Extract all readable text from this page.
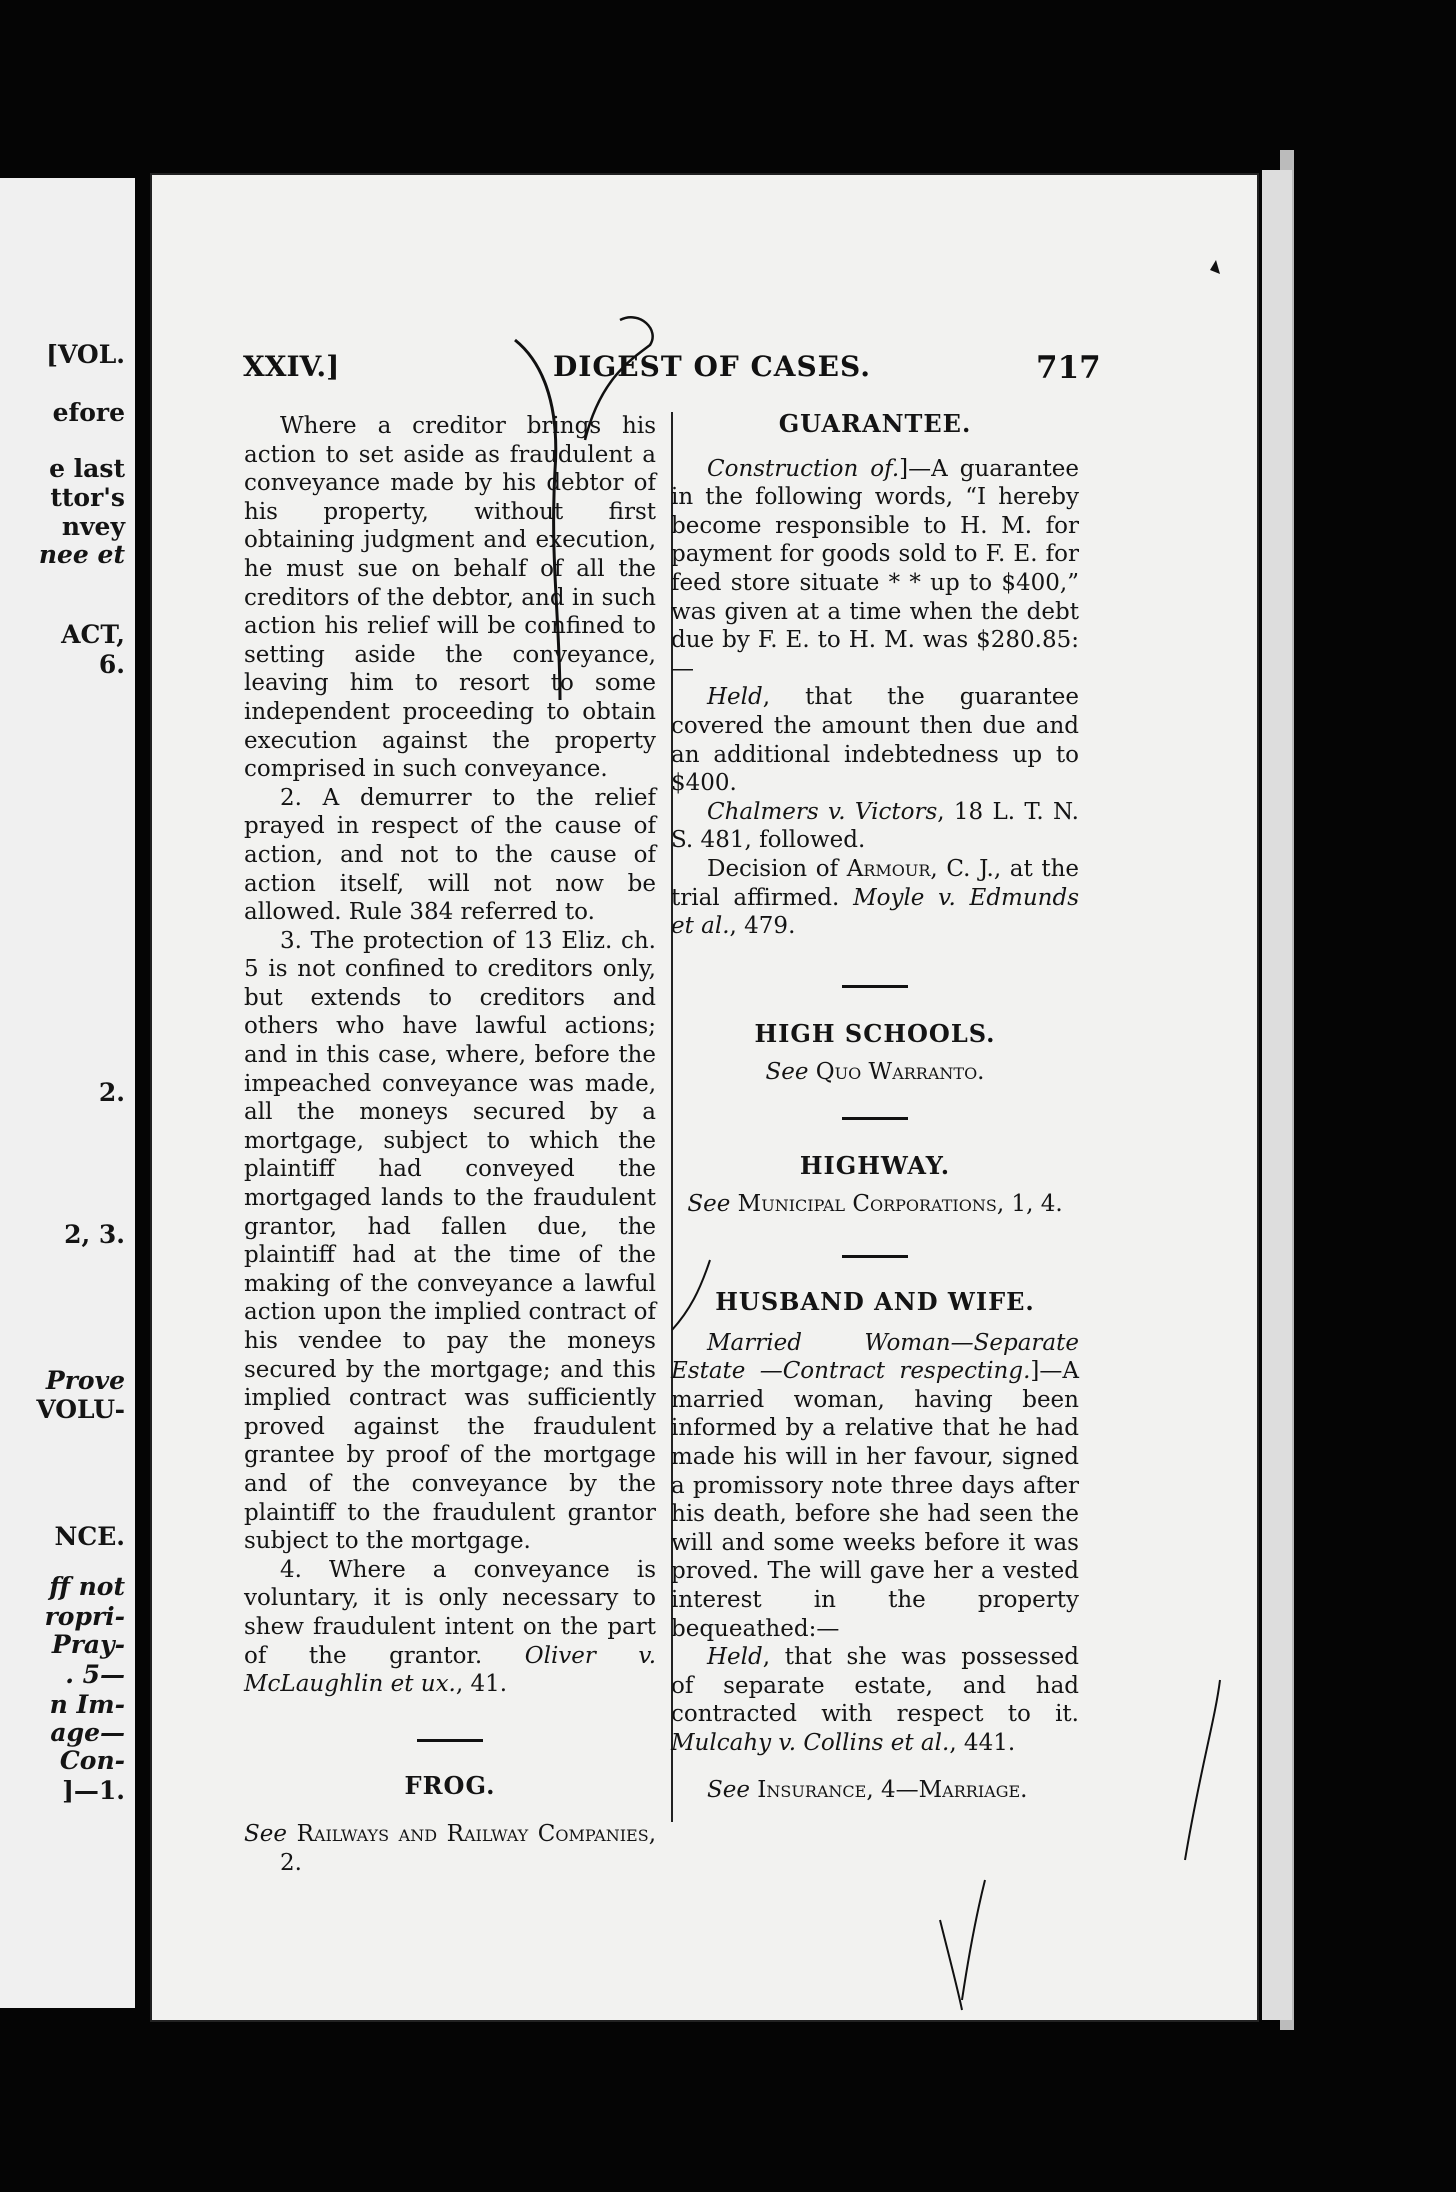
[VOL.
efore
e last
ttor's
nvey
nee et
ACT,
6.
2.
2, 3.
Prove
VOLU-
NCE.
ff not
ropri-
Pray-
. 5—
n Im-
age—
Con-
]—1.
XXIV.]	DIGEST OF CASES.	717

Where a creditor brings his action to set aside as fraudulent a conveyance made by his debtor of his property, without first obtaining judgment and execution, he must sue on behalf of all the creditors of the debtor, and in such action his relief will be confined to setting aside the conveyance, leaving him to resort to some independent proceeding to obtain execution against the property comprised in such conveyance.

2. A demurrer to the relief prayed in respect of the cause of action, and not to the cause of action itself, will not now be allowed. Rule 384 referred to.

3. The protection of 13 Eliz. ch. 5 is not confined to creditors only, but extends to creditors and others who have lawful actions; and in this case, where, before the impeached conveyance was made, all the moneys secured by a mortgage, subject to which the plaintiff had conveyed the mortgaged lands to the fraudulent grantor, had fallen due, the plaintiff had at the time of the making of the conveyance a lawful action upon the implied contract of his vendee to pay the moneys secured by the mortgage; and this implied contract was sufficiently proved against the fraudulent grantee by proof of the mortgage and of the conveyance by the plaintiff to the fraudulent grantor subject to the mortgage.

4. Where a conveyance is voluntary, it is only necessary to shew fraudulent intent on the part of the grantor. Oliver v. McLaughlin et ux., 41.

FROG.

See Railways and Railway Companies, 2.

GUARANTEE.

Construction of.]—A guarantee in the following words, “I hereby become responsible to H. M. for payment for goods sold to F. E. for feed store situate * * up to $400,” was given at a time when the debt due by F. E. to H. M. was $280.85:—

Held, that the guarantee covered the amount then due and an additional indebtedness up to $400.

Chalmers v. Victors, 18 L. T. N. S. 481, followed.

Decision of Armour, C. J., at the trial affirmed. Moyle v. Edmunds et al., 479.

HIGH SCHOOLS.

See Quo Warranto.

HIGHWAY.

See Municipal Corporations, 1, 4.

HUSBAND AND WIFE.

Married Woman—Separate Estate —Contract respecting.]—A married woman, having been informed by a relative that he had made his will in her favour, signed a promissory note three days after his death, before she had seen the will and some weeks before it was proved. The will gave her a vested interest in the property bequeathed:—

Held, that she was possessed of separate estate, and had contracted with respect to it. Mulcahy v. Collins et al., 441.

See Insurance, 4—Marriage.
